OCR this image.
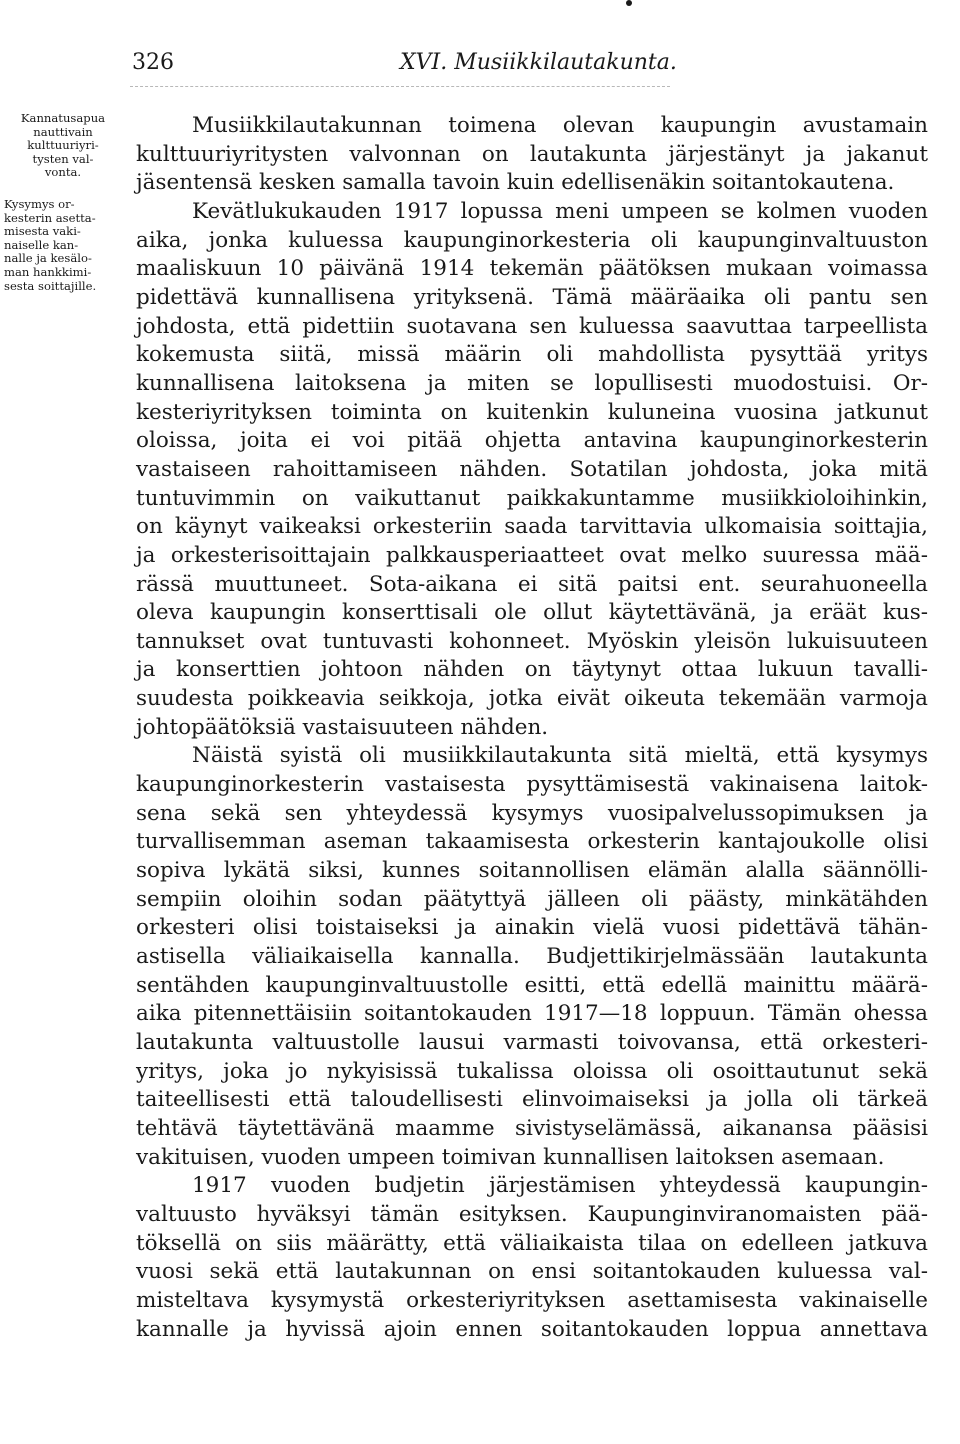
326	XVI. Musiikkilautakunta.

Kannatusapua
nauttivain
kulttuuriyri-
tysten val-
vonta.

Kysymys or-
kesterin asetta-
misesta vaki-
naiselle kan-
nalle ja kesälo-
man hankkimi-
sesta soittajille.

Musiikkilautakunnan toimena olevan kaupungin avustamain
kulttuuriyritysten valvonnan on lautakunta järjestänyt ja jakanut
jäsentensä kesken samalla tavoin kuin edellisenäkin soitantokautena.

Kevätlukukauden 1917 lopussa meni umpeen se kolmen vuoden
aika, jonka kuluessa kaupunginorkesteria oli kaupunginvaltuuston
maaliskuun 10 päivänä 1914 tekemän päätöksen mukaan voimassa
pidettävä kunnallisena yrityksenä. Tämä määräaika oli pantu sen
johdosta, että pidettiin suotavana sen kuluessa saavuttaa tarpeellista
kokemusta siitä, missä määrin oli mahdollista pysyttää yritys
kunnallisena laitoksena ja miten se lopullisesti muodostuisi. Or-
kesteriyrityksen toiminta on kuitenkin kuluneina vuosina jatkunut
oloissa, joita ei voi pitää ohjetta antavina kaupunginorkesterin
vastaiseen rahoittamiseen nähden. Sotatilan johdosta, joka mitä
tuntuvimmin on vaikuttanut paikkakuntamme musiikkioloihinkin,
on käynyt vaikeaksi orkesteriin saada tarvittavia ulkomaisia soittajia,
ja orkesterisoittajain palkkausperiaatteet ovat melko suuressa mää-
rässä muuttuneet. Sota-aikana ei sitä paitsi ent. seurahuoneella
oleva kaupungin konserttisali ole ollut käytettävänä, ja eräät kus-
tannukset ovat tuntuvasti kohonneet. Myöskin yleisön lukuisuuteen
ja konserttien johtoon nähden on täytynyt ottaa lukuun tavalli-
suudesta poikkeavia seikkoja, jotka eivät oikeuta tekemään varmoja
johtopäätöksiä vastaisuuteen nähden.

Näistä syistä oli musiikkilautakunta sitä mieltä, että kysymys
kaupunginorkesterin vastaisesta pysyttämisestä vakinaisena laitok-
sena sekä sen yhteydessä kysymys vuosipalvelussopimuksen ja
turvallisemman aseman takaamisesta orkesterin kantajoukolle olisi
sopiva lykätä siksi, kunnes soitannollisen elämän alalla säännölli-
sempiin oloihin sodan päätyttyä jälleen oli päästy, minkätähden
orkesteri olisi toistaiseksi ja ainakin vielä vuosi pidettävä tähän-
astisella väliaikaisella kannalla. Budjettikirjelmässään lautakunta
sentähden kaupunginvaltuustolle esitti, että edellä mainittu määrä-
aika pitennettäisiin soitantokauden 1917—18 loppuun. Tämän ohessa
lautakunta valtuustolle lausui varmasti toivovansa, että orkesteri-
yritys, joka jo nykyisissä tukalissa oloissa oli osoittautunut sekä
taiteellisesti että taloudellisesti elinvoimaiseksi ja jolla oli tärkeä
tehtävä täytettävänä maamme sivistyselämässä, aikanansa pääsisi
vakituisen, vuoden umpeen toimivan kunnallisen laitoksen asemaan.

1917 vuoden budjetin järjestämisen yhteydessä kaupungin-
valtuusto hyväksyi tämän esityksen. Kaupunginviranomaisten pää-
töksellä on siis määrätty, että väliaikaista tilaa on edelleen jatkuva
vuosi sekä että lautakunnan on ensi soitantokauden kuluessa val-
misteltava kysymystä orkesteriyrityksen asettamisesta vakinaiselle
kannalle ja hyvissä ajoin ennen soitantokauden loppua annettava
